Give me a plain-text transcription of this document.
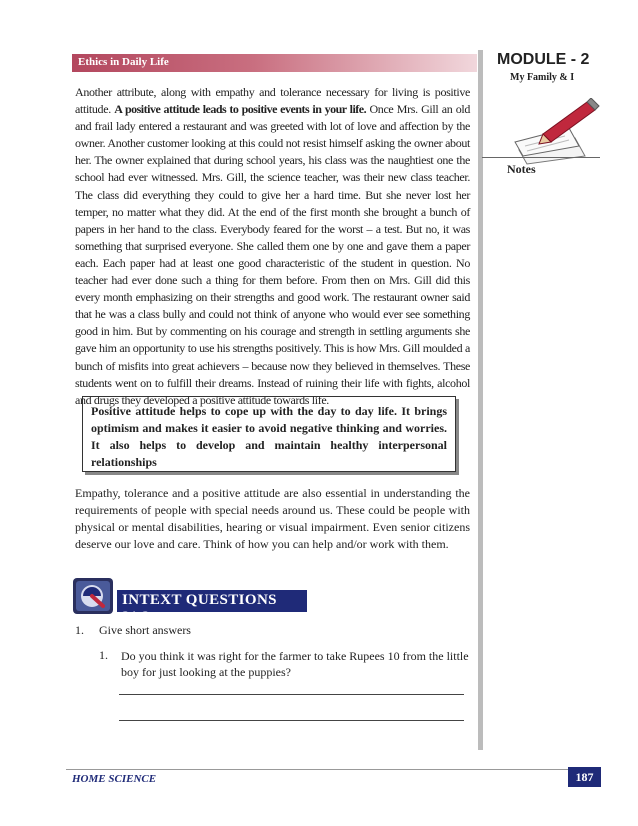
Ethics in Daily Life	MODULE - 2
My Family & I
Notes
Another attribute, along with empathy and tolerance necessary for living is positive attitude. A positive attitude leads to positive events in your life. Once Mrs. Gill an old and frail lady entered a restaurant and was greeted with lot of love and affection by the owner. Another customer looking at this could not resist himself asking the owner about her. The owner explained that during school years, his class was the naughtiest one the school had ever witnessed. Mrs. Gill, the science teacher, was their new class teacher. The class did everything they could to give her a hard time. But she never lost her temper, no matter what they did. At the end of the first month she brought a bunch of papers in her hand to the class. Everybody feared for the worst – a test. But no, it was something that surprised everyone. She called them one by one and gave them a paper each. Each paper had at least one good characteristic of the student in question. No teacher had ever done such a thing for them before. From then on Mrs. Gill did this every month emphasizing on their strengths and good work. The restaurant owner said that he was a class bully and could not think of anyone who would ever see something good in him. But by commenting on his courage and strength in settling arguments she gave him an opportunity to use his strengths positively. This is how Mrs. Gill moulded a bunch of misfits into great achievers – because now they believed in themselves. These students went on to fulfill their dreams. Instead of ruining their life with fights, alcohol and drugs they developed a positive attitude towards life.

Positive attitude helps to cope up with the day to day life. It brings optimism and makes it easier to avoid negative thinking and worries. It also helps to develop and maintain healthy interpersonal relationships

Empathy, tolerance and a positive attitude are also essential in understanding the requirements of people with special needs around us. These could be people with physical or mental disabilities, hearing or visual impairment. Even senior citizens deserve our love and care. Think of how you can help and/or work with them.
INTEXT QUESTIONS 21.2
1. Give short answers
1. Do you think it was right for the farmer to take Rupees 10 from the little boy for just looking at the puppies?
HOME SCIENCE	187
